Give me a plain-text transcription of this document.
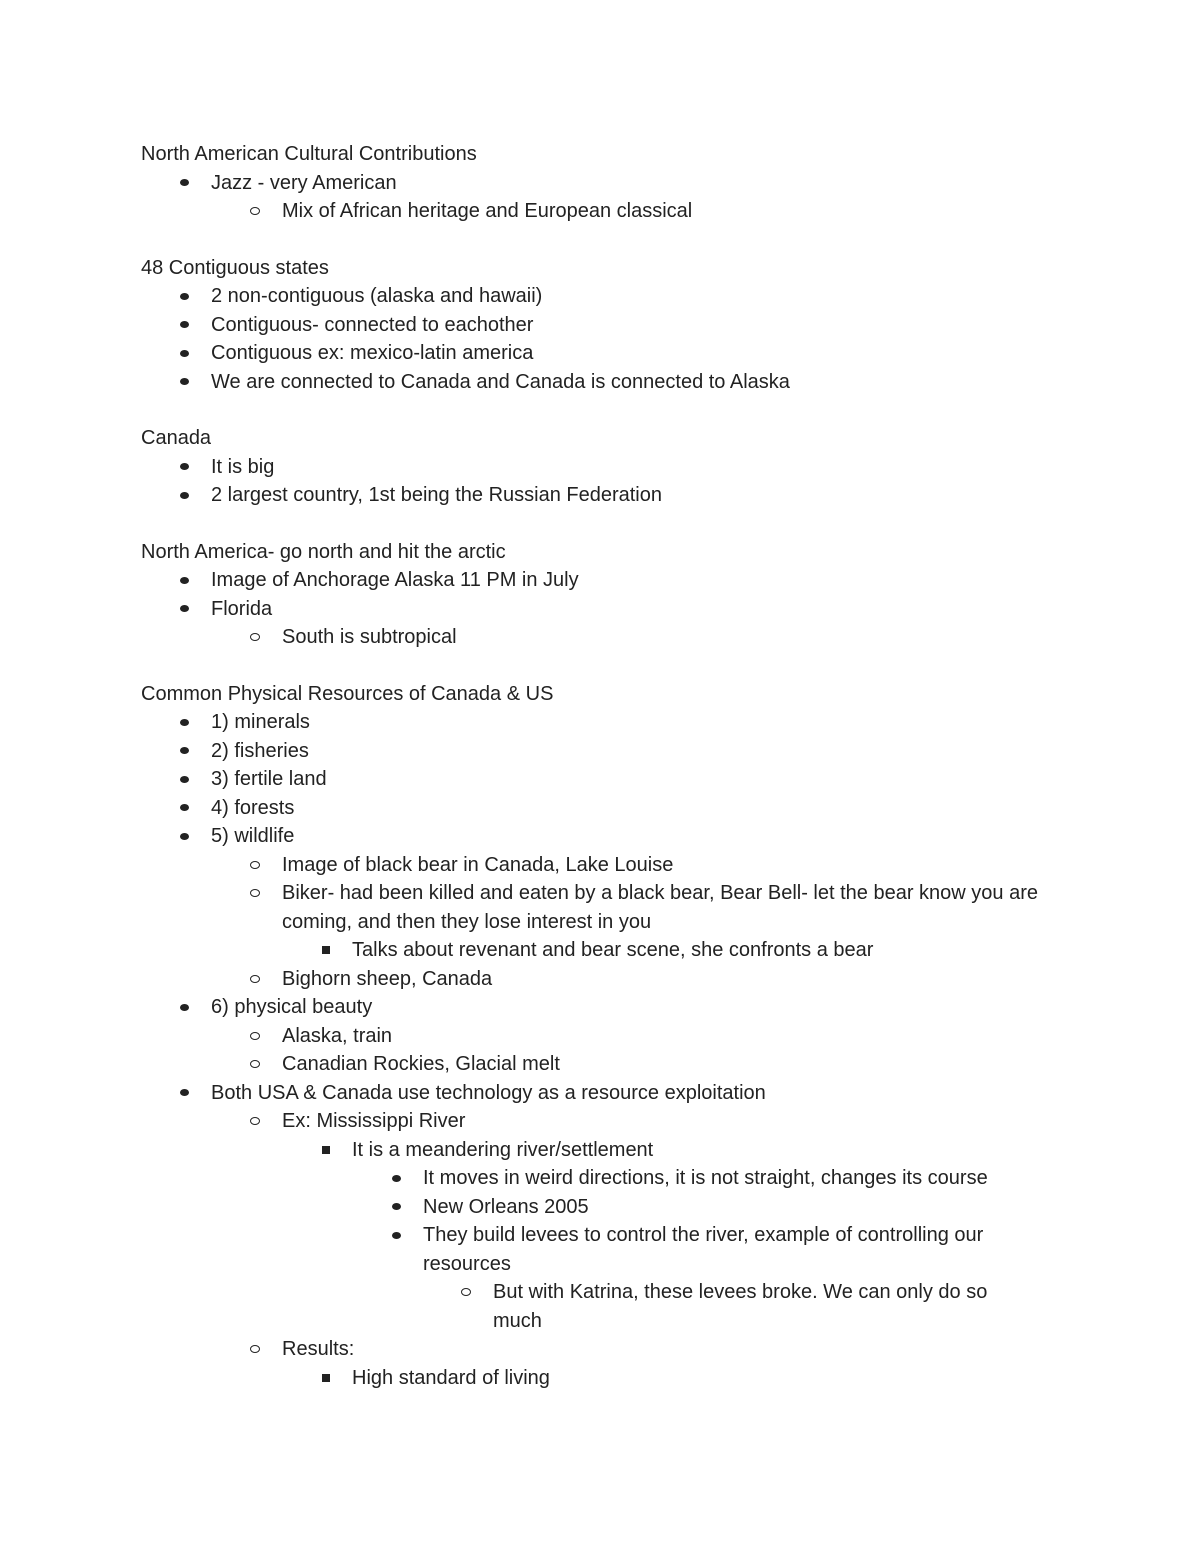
North American Cultural Contributions
Jazz - very American
Mix of African heritage and European classical
48 Contiguous states
2 non-contiguous (alaska and hawaii)
Contiguous- connected to eachother
Contiguous ex: mexico-latin america
We are connected to Canada and Canada is connected to Alaska
Canada
It is big
2 largest country, 1st being the Russian Federation
North America- go north and hit the arctic
Image of Anchorage Alaska 11 PM in July
Florida
South is subtropical
Common Physical Resources of Canada & US
1) minerals
2) fisheries
3) fertile land
4) forests
5) wildlife
Image of black bear in Canada, Lake Louise
Biker- had been killed and eaten by a black bear, Bear Bell- let the bear know you are coming, and then they lose interest in you
Talks about revenant and bear scene, she confronts a bear
Bighorn sheep, Canada
6) physical beauty
Alaska, train
Canadian Rockies, Glacial melt
Both USA & Canada use technology as a resource exploitation
Ex: Mississippi River
It is a meandering river/settlement
It moves in weird directions, it is not straight, changes its course
New Orleans 2005
They build levees to control the river, example of controlling our resources
But with Katrina, these levees broke. We can only do so much
Results:
High standard of living
